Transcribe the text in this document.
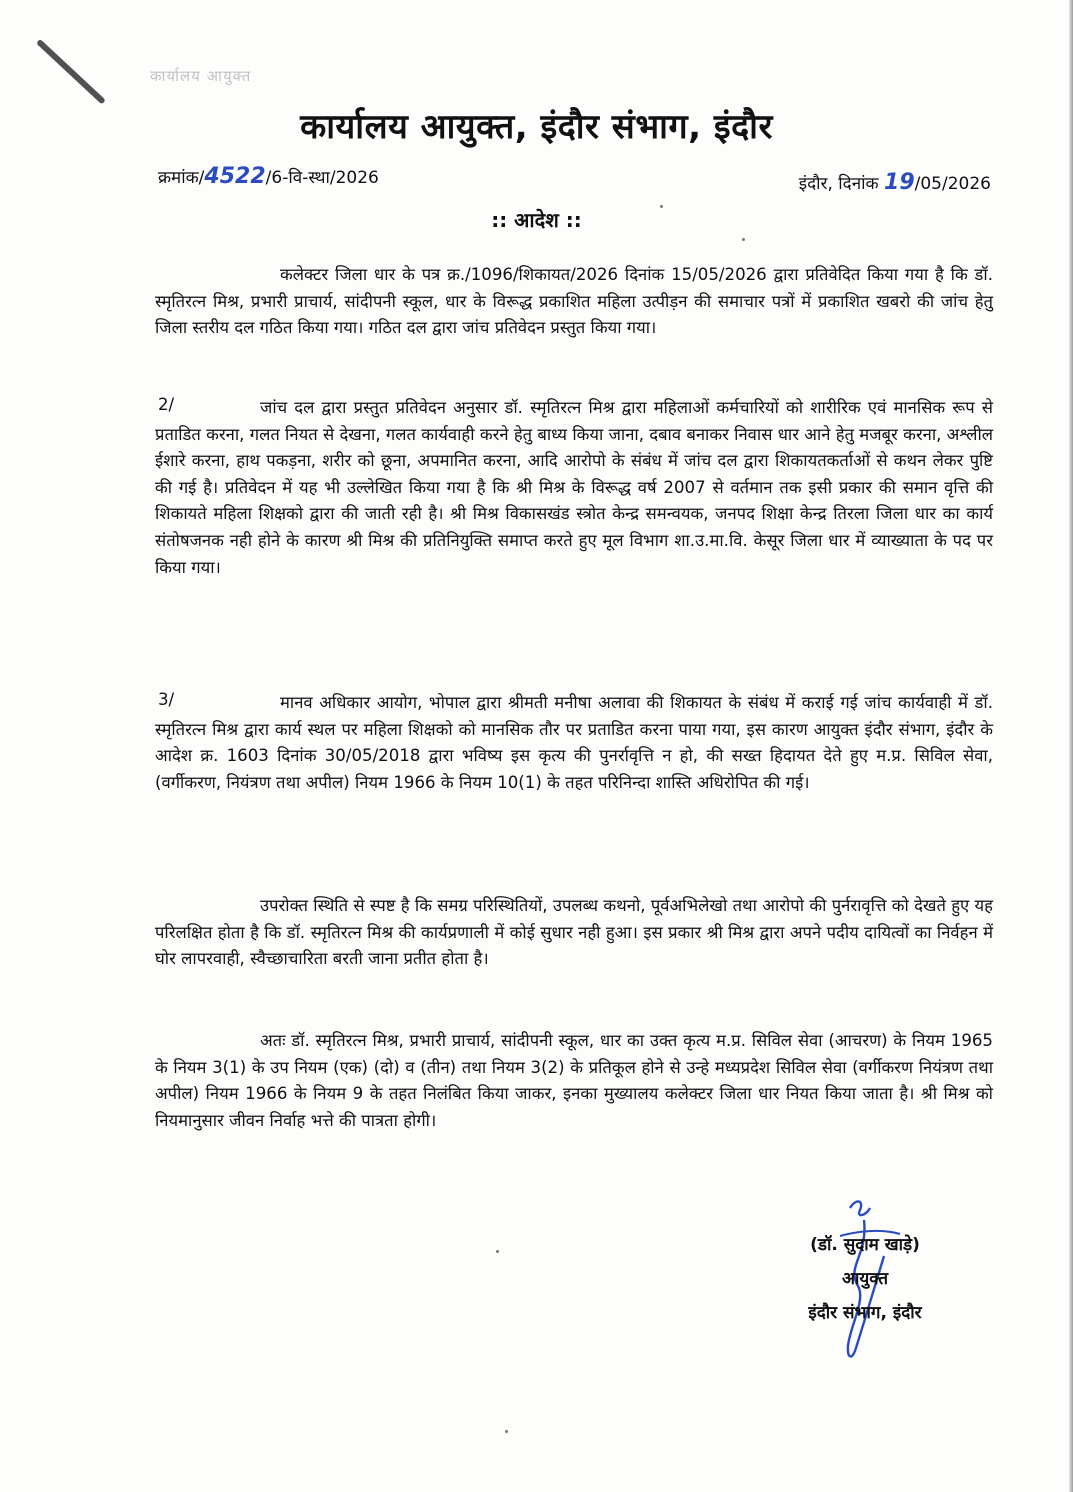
कार्यालय आयुक्त
कार्यालय आयुक्त, इंदौर संभाग, इंदौर
क्रमांक/4522/6-वि-स्था/2026	इंदौर, दिनांक 19/05/2026
:: आदेश ::
कलेक्टर जिला धार के पत्र क्र./1096/शिकायत/2026 दिनांक 15/05/2026 द्वारा प्रतिवेदित किया गया है कि डॉ. स्मृतिरत्न मिश्र, प्रभारी प्राचार्य, सांदीपनी स्कूल, धार के विरूद्ध प्रकाशित महिला उत्पीड़न की समाचार पत्रों में प्रकाशित खबरो की जांच हेतु जिला स्तरीय दल गठित किया गया। गठित दल द्वारा जांच प्रतिवेदन प्रस्तुत किया गया।
2/	जांच दल द्वारा प्रस्तुत प्रतिवेदन अनुसार डॉ. स्मृतिरत्न मिश्र द्वारा महिलाओं कर्मचारियों को शारीरिक एवं मानसिक रूप से प्रताडित करना, गलत नियत से देखना, गलत कार्यवाही करने हेतु बाध्य किया जाना, दबाव बनाकर निवास धार आने हेतु मजबूर करना, अश्लील ईशारे करना, हाथ पकड़ना, शरीर को छूना, अपमानित करना, आदि आरोपो के संबंध में जांच दल द्वारा शिकायतकर्ताओं से कथन लेकर पुष्टि की गई है। प्रतिवेदन में यह भी उल्लेखित किया गया है कि श्री मिश्र के विरूद्ध वर्ष 2007 से वर्तमान तक इसी प्रकार की समान वृत्ति की शिकायते महिला शिक्षको द्वारा की जाती रही है। श्री मिश्र विकासखंड स्त्रोत केन्द्र समन्वयक, जनपद शिक्षा केन्द्र तिरला जिला धार का कार्य संतोषजनक नही होने के कारण श्री मिश्र की प्रतिनियुक्ति समाप्त करते हुए मूल विभाग शा.उ.मा.वि. केसूर जिला धार में व्याख्याता के पद पर किया गया।
3/	मानव अधिकार आयोग, भोपाल द्वारा श्रीमती मनीषा अलावा की शिकायत के संबंध में कराई गई जांच कार्यवाही में डॉ. स्मृतिरत्न मिश्र द्वारा कार्य स्थल पर महिला शिक्षको को मानसिक तौर पर प्रताडित करना पाया गया, इस कारण आयुक्त इंदौर संभाग, इंदौर के आदेश क्र. 1603 दिनांक 30/05/2018 द्वारा भविष्य इस कृत्य की पुनर्रावृत्ति न हो, की सख्त हिदायत देते हुए म.प्र. सिविल सेवा, (वर्गीकरण, नियंत्रण तथा अपील) नियम 1966 के नियम 10(1) के तहत परिनिन्दा शास्ति अधिरोपित की गई।
उपरोक्त स्थिति से स्पष्ट है कि समग्र परिस्थितियों, उपलब्ध कथनो, पूर्वअभिलेखो तथा आरोपो की पुर्नरावृत्ति को देखते हुए यह परिलक्षित होता है कि डॉ. स्मृतिरत्न मिश्र की कार्यप्रणाली में कोई सुधार नही हुआ। इस प्रकार श्री मिश्र द्वारा अपने पदीय दायित्वों का निर्वहन में घोर लापरवाही, स्वैच्छाचारिता बरती जाना प्रतीत होता है।
अतः डॉ. स्मृतिरत्न मिश्र, प्रभारी प्राचार्य, सांदीपनी स्कूल, धार का उक्त कृत्य म.प्र. सिविल सेवा (आचरण) के नियम 1965 के नियम 3(1) के उप नियम (एक) (दो) व (तीन) तथा नियम 3(2) के प्रतिकूल होने से उन्हे मध्यप्रदेश सिविल सेवा (वर्गीकरण नियंत्रण तथा अपील) नियम 1966 के नियम 9 के तहत निलंबित किया जाकर, इनका मुख्यालय कलेक्टर जिला धार नियत किया जाता है। श्री मिश्र को नियमानुसार जीवन निर्वाह भत्ते की पात्रता होगी।
(डॉ. सुदाम खाड़े)
आयुक्त
इंदौर संभाग, इंदौर
